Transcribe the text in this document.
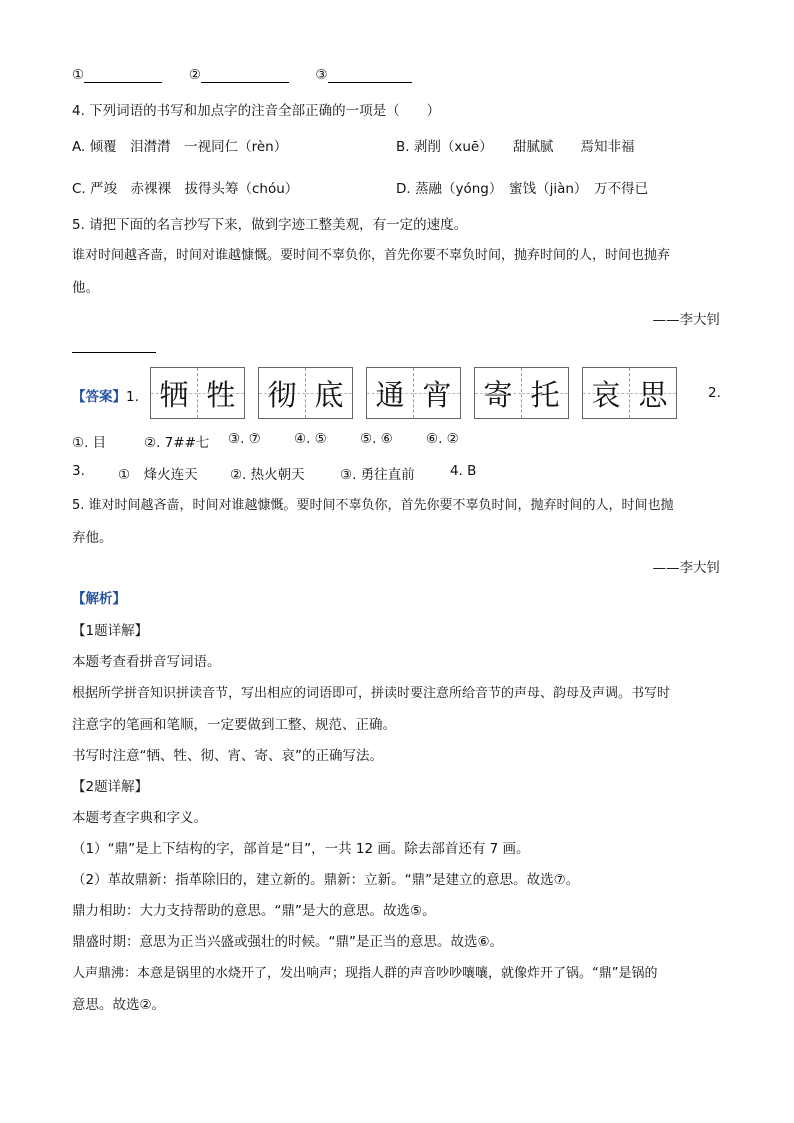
①	②	③
4. 下列词语的书写和加点字的注音全部正确的一项是（　　）
A. 倾覆　泪潸潸　一视同仁（rèn）	B. 剥削（xuē）　　甜腻腻　　焉知非福
C. 严竣　赤裸裸　拔得头筹（chóu）	D. 蒸融（yóng）　蜜饯（jiàn）　万不得已
5. 请把下面的名言抄写下来，做到字迹工整美观，有一定的速度。
谁对时间越吝啬，时间对谁越慷慨。要时间不辜负你，首先你要不辜负时间，抛弃时间的人，时间也抛弃
他。
——李大钊
【答案】1. 牺 牲 彻 底 通 宵 寄 托 哀 思	2.
①. 目	②. 7##七 ③. ⑦ ④. ⑤ ⑤. ⑥ ⑥. ②
3. ①　烽火连天 ②. 热火朝天	③. 勇往直前	4. B
5. 谁对时间越吝啬，时间对谁越慷慨。要时间不辜负你，首先你要不辜负时间，抛弃时间的人，时间也抛
弃他。
——李大钊
【解析】
【1题详解】
本题考查看拼音写词语。
根据所学拼音知识拼读音节，写出相应的词语即可，拼读时要注意所给音节的声母、韵母及声调。书写时
注意字的笔画和笔顺，一定要做到工整、规范、正确。
书写时注意“牺、牲、彻、宵、寄、哀”的正确写法。
【2题详解】
本题考查字典和字义。
（1）“鼎”是上下结构的字，部首是“目”，一共 12 画。除去部首还有 7 画。
（2）革故鼎新：指革除旧的，建立新的。鼎新：立新。“鼎”是建立的意思。故选⑦。
鼎力相助：大力支持帮助的意思。“鼎”是大的意思。故选⑤。
鼎盛时期：意思为正当兴盛或强壮的时候。“鼎”是正当的意思。故选⑥。
人声鼎沸：本意是锅里的水烧开了，发出响声；现指人群的声音吵吵嚷嚷，就像炸开了锅。“鼎”是锅的
意思。故选②。
